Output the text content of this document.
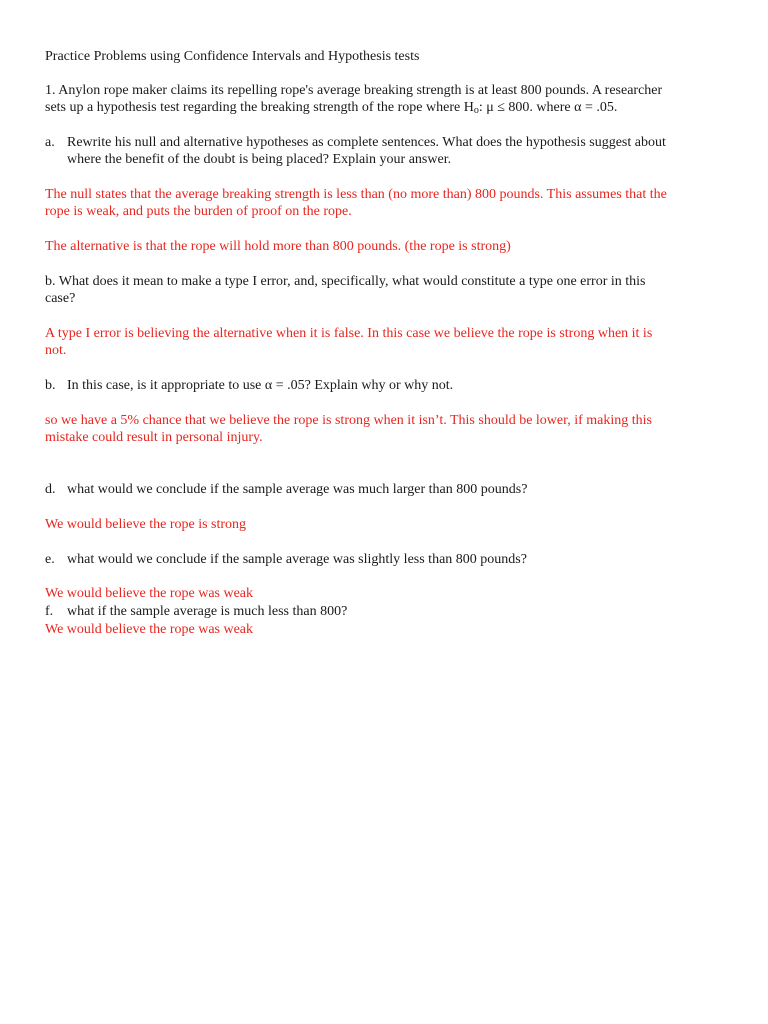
Practice Problems using Confidence Intervals and Hypothesis tests
1. Anylon rope maker claims its repelling rope's average breaking strength is at least 800 pounds. A researcher
sets up a hypothesis test regarding the breaking strength of the rope where $H_o$: μ ≤ 800. where α = .05.
a. Rewrite his null and alternative hypotheses as complete sentences. What does the hypothesis suggest about
where the benefit of the doubt is being placed? Explain your answer.
The null states that the average breaking strength is less than (no more than) 800 pounds. This assumes that the
rope is weak, and puts the burden of proof on the rope.
The alternative is that the rope will hold more than 800 pounds. (the rope is strong)
b. What does it mean to make a type I error, and, specifically, what would constitute a type one error in this
case?
A type I error is believing the alternative when it is false. In this case we believe the rope is strong when it is
not.
b. In this case, is it appropriate to use α = .05? Explain why or why not.
so we have a 5% chance that we believe the rope is strong when it isn’t. This should be lower, if making this
mistake could result in personal injury.
d. what would we conclude if the sample average was much larger than 800 pounds?
We would believe the rope is strong
e. what would we conclude if the sample average was slightly less than 800 pounds?
We would believe the rope was weak
f. what if the sample average is much less than 800?
We would believe the rope was weak
